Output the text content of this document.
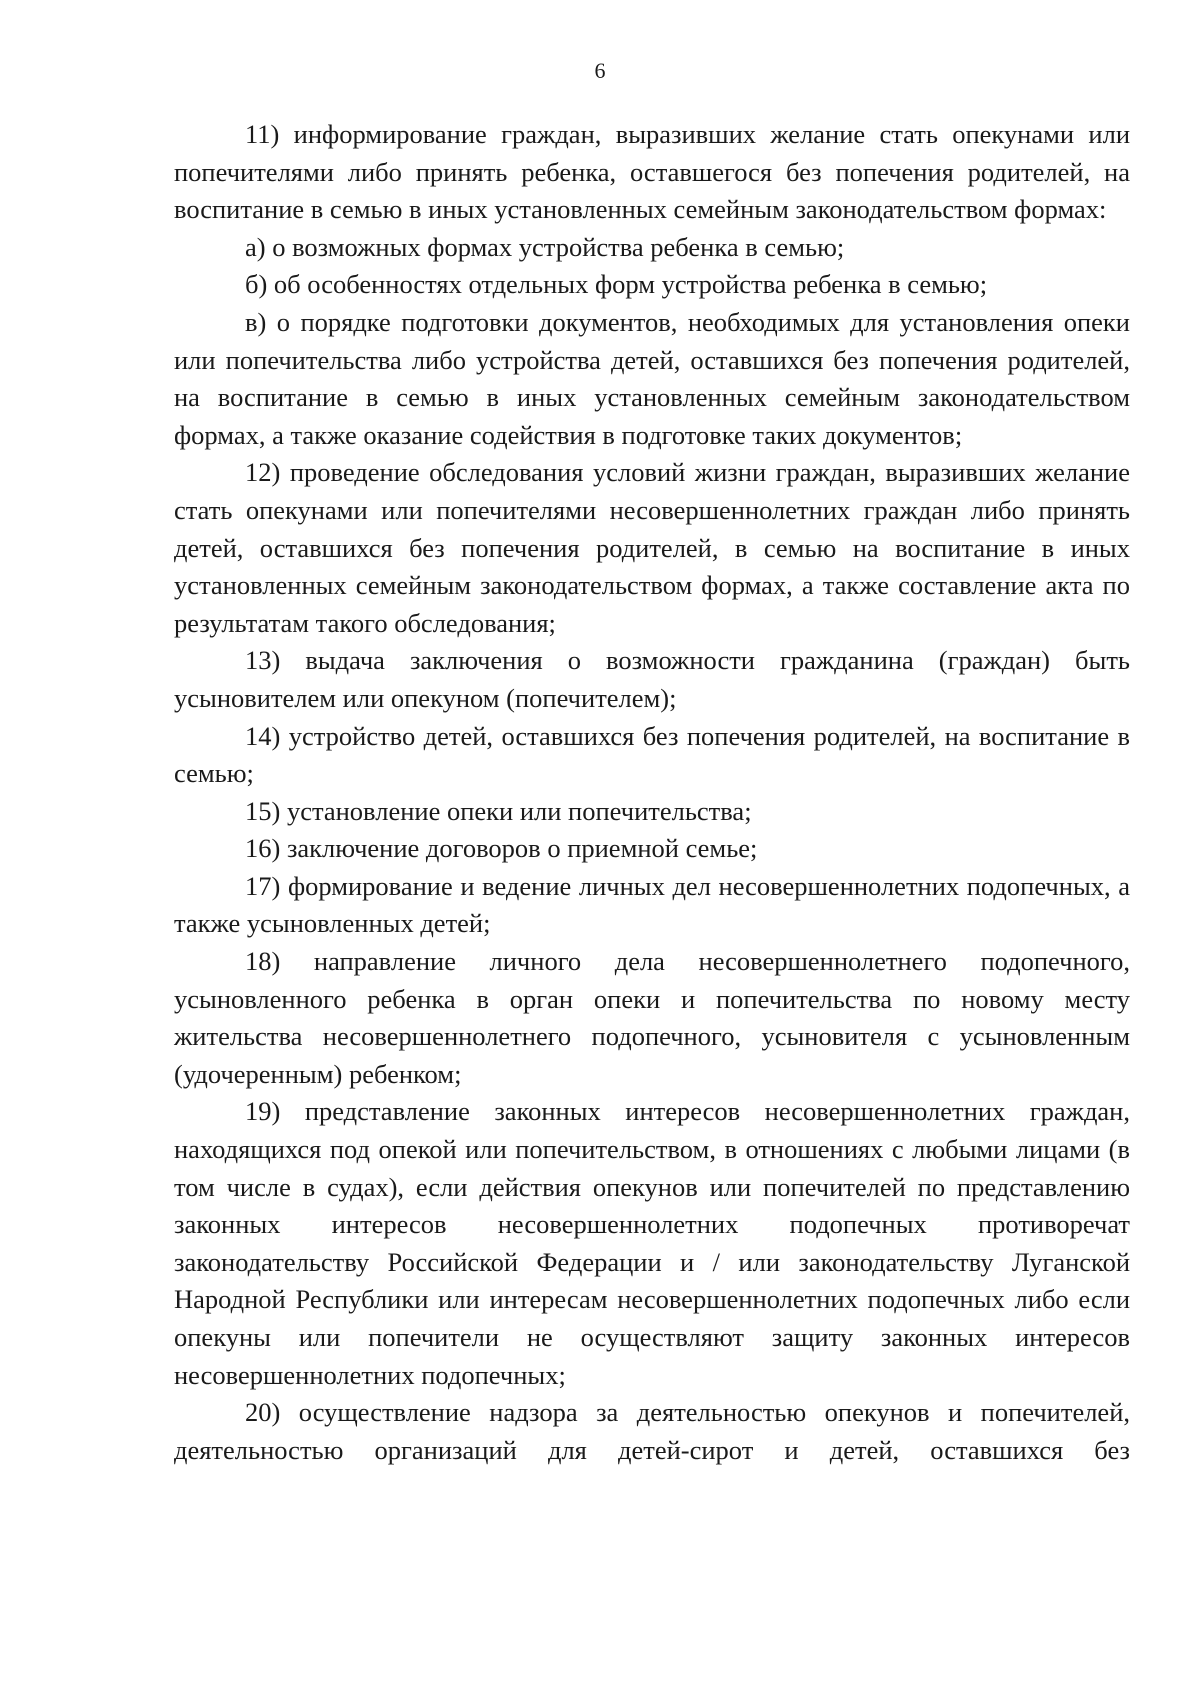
6

11) информирование граждан, выразивших желание стать опекунами или попечителями либо принять ребенка, оставшегося без попечения родителей, на воспитание в семью в иных установленных семейным законодательством формах:

а) о возможных формах устройства ребенка в семью;

б) об особенностях отдельных форм устройства ребенка в семью;

в) о порядке подготовки документов, необходимых для установления опеки или попечительства либо устройства детей, оставшихся без попечения родителей, на воспитание в семью в иных установленных семейным законодательством формах, а также оказание содействия в подготовке таких документов;

12) проведение обследования условий жизни граждан, выразивших желание стать опекунами или попечителями несовершеннолетних граждан либо принять детей, оставшихся без попечения родителей, в семью на воспитание в иных установленных семейным законодательством формах, а также составление акта по результатам такого обследования;

13) выдача заключения о возможности гражданина (граждан) быть усыновителем или опекуном (попечителем);

14) устройство детей, оставшихся без попечения родителей, на воспитание в семью;

15) установление опеки или попечительства;

16) заключение договоров о приемной семье;

17) формирование и ведение личных дел несовершеннолетних подопечных, а также усыновленных детей;

18) направление личного дела несовершеннолетнего подопечного, усыновленного ребенка в орган опеки и попечительства по новому месту жительства несовершеннолетнего подопечного, усыновителя с усыновленным (удочеренным) ребенком;

19) представление законных интересов несовершеннолетних граждан, находящихся под опекой или попечительством, в отношениях с любыми лицами (в том числе в судах), если действия опекунов или попечителей по представлению законных интересов несовершеннолетних подопечных противоречат законодательству Российской Федерации и / или законодательству Луганской Народной Республики или интересам несовершеннолетних подопечных либо если опекуны или попечители не осуществляют защиту законных интересов несовершеннолетних подопечных;

20) осуществление надзора за деятельностью опекунов и попечителей, деятельностью организаций для детей-сирот и детей, оставшихся без
